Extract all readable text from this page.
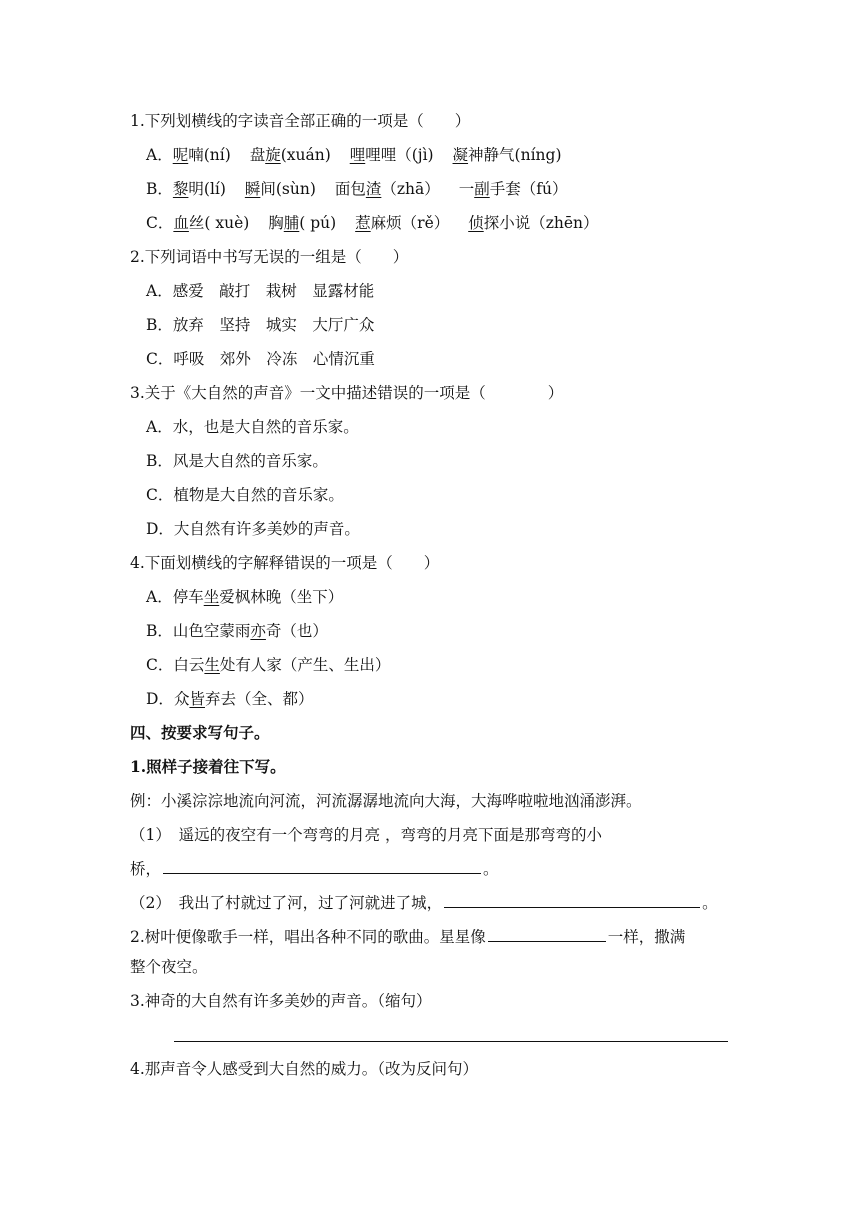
1.下列划横线的字读音全部正确的一项是（　　）

A．呢喃(ní) 盘旋(xuán) 哩哩哩（(jì) 凝神静气(níng)

B．黎明(lí) 瞬间(sùn) 面包渣（zhā） 一副手套（fú）

C．血丝( xuè) 胸脯( pú) 惹麻烦（rě） 侦探小说（zhēn）

2.下列词语中书写无误的一组是（　　）

A．感爱　敲打　栽树　显露材能

B．放弃　坚持　城实　大厅广众

C．呼吸　郊外　冷冻　心情沉重

3.关于《大自然的声音》一文中描述错误的一项是（　　　　）

A．水，也是大自然的音乐家。

B．风是大自然的音乐家。

C．植物是大自然的音乐家。

D．大自然有许多美妙的声音。

4.下面划横线的字解释错误的一项是（　　）

A．停车坐爱枫林晚（坐下）

B．山色空蒙雨亦奇（也）

C．白云生处有人家（产生、生出）

D．众皆弃去（全、都）

四、按要求写句子。

1.照样子接着往下写。

例：小溪淙淙地流向河流，河流潺潺地流向大海，大海哗啦啦地汹涌澎湃。

（1）　遥远的夜空有一个弯弯的月亮 ，弯弯的月亮下面是那弯弯的小

桥，	。

（2）　我出了村就过了河，过了河就进了城，	。

2.树叶便像歌手一样，唱出各种不同的歌曲。星星像	一样，撒满

整个夜空。

3.神奇的大自然有许多美妙的声音。（缩句）

4.那声音令人感受到大自然的威力。（改为反问句）
